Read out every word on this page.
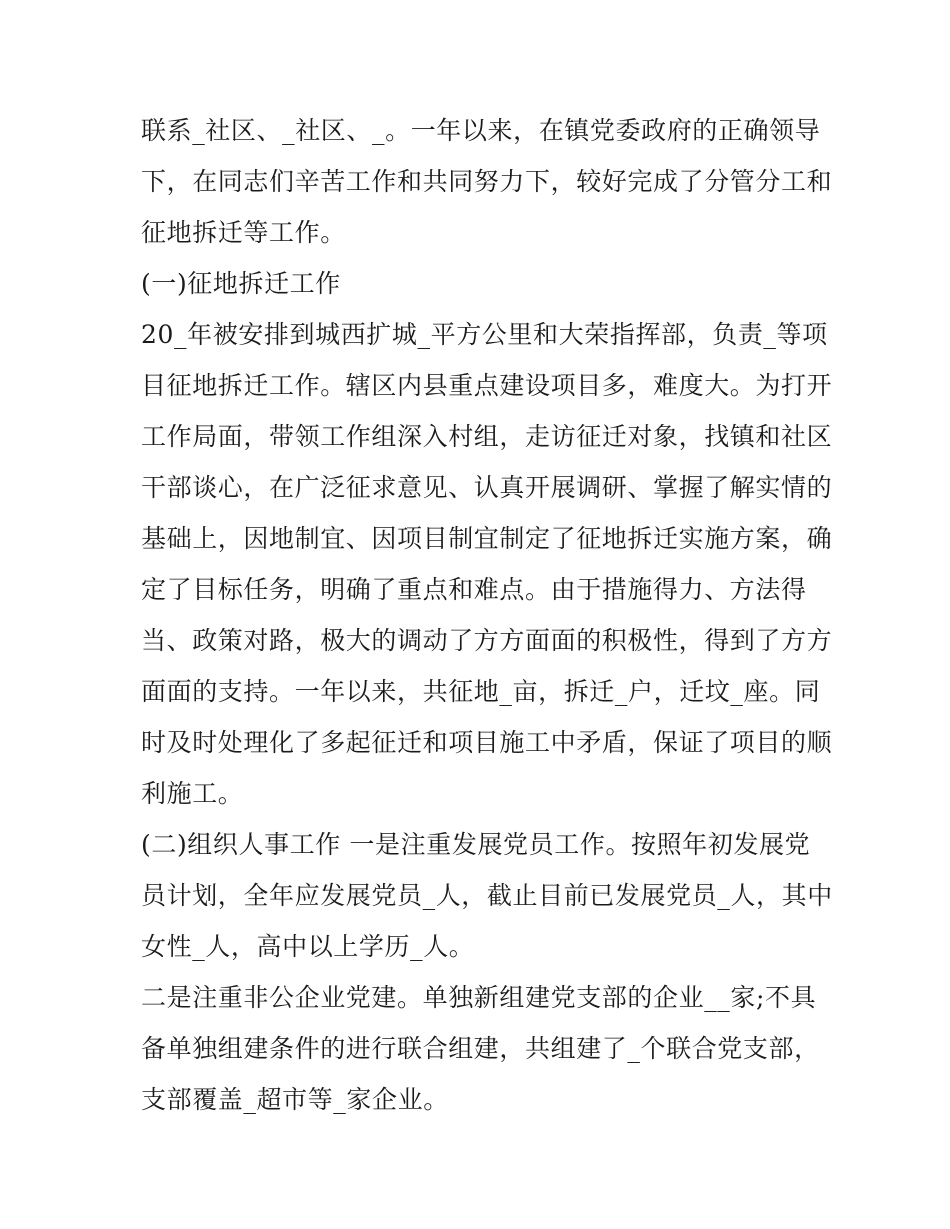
联系_社区、_社区、_。一年以来，在镇党委政府的正确领导
下，在同志们辛苦工作和共同努力下，较好完成了分管分工和
征地拆迁等工作。
(一)征地拆迁工作
20_年被安排到城西扩城_平方公里和大荣指挥部，负责_等项
目征地拆迁工作。辖区内县重点建设项目多，难度大。为打开
工作局面，带领工作组深入村组，走访征迁对象，找镇和社区
干部谈心，在广泛征求意见、认真开展调研、掌握了解实情的
基础上，因地制宜、因项目制宜制定了征地拆迁实施方案，确
定了目标任务，明确了重点和难点。由于措施得力、方法得
当、政策对路，极大的调动了方方面面的积极性，得到了方方
面面的支持。一年以来，共征地_亩，拆迁_户，迁坟_座。同
时及时处理化了多起征迁和项目施工中矛盾，保证了项目的顺
利施工。
(二)组织人事工作 一是注重发展党员工作。按照年初发展党
员计划，全年应发展党员_人，截止目前已发展党员_人，其中
女性_人，高中以上学历_人。
二是注重非公企业党建。单独新组建党支部的企业__家;不具
备单独组建条件的进行联合组建，共组建了_个联合党支部，
支部覆盖_超市等_家企业。
